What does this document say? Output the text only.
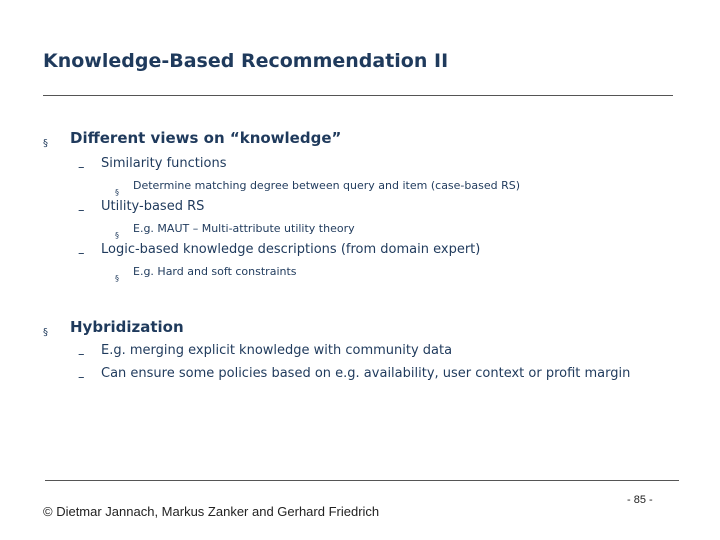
Knowledge-Based Recommendation II
§ Different views on “knowledge”
– Similarity functions
§
Determine matching degree between query and item (case-based RS)
– Utility-based RS
§
E.g. MAUT – Multi-attribute utility theory
– Logic-based knowledge descriptions (from domain expert)
§
E.g. Hard and soft constraints
§ Hybridization
– E.g. merging explicit knowledge with community data
– Can ensure some policies based on e.g. availability, user context or profit margin
© Dietmar Jannach, Markus Zanker and Gerhard Friedrich
- 85 -
